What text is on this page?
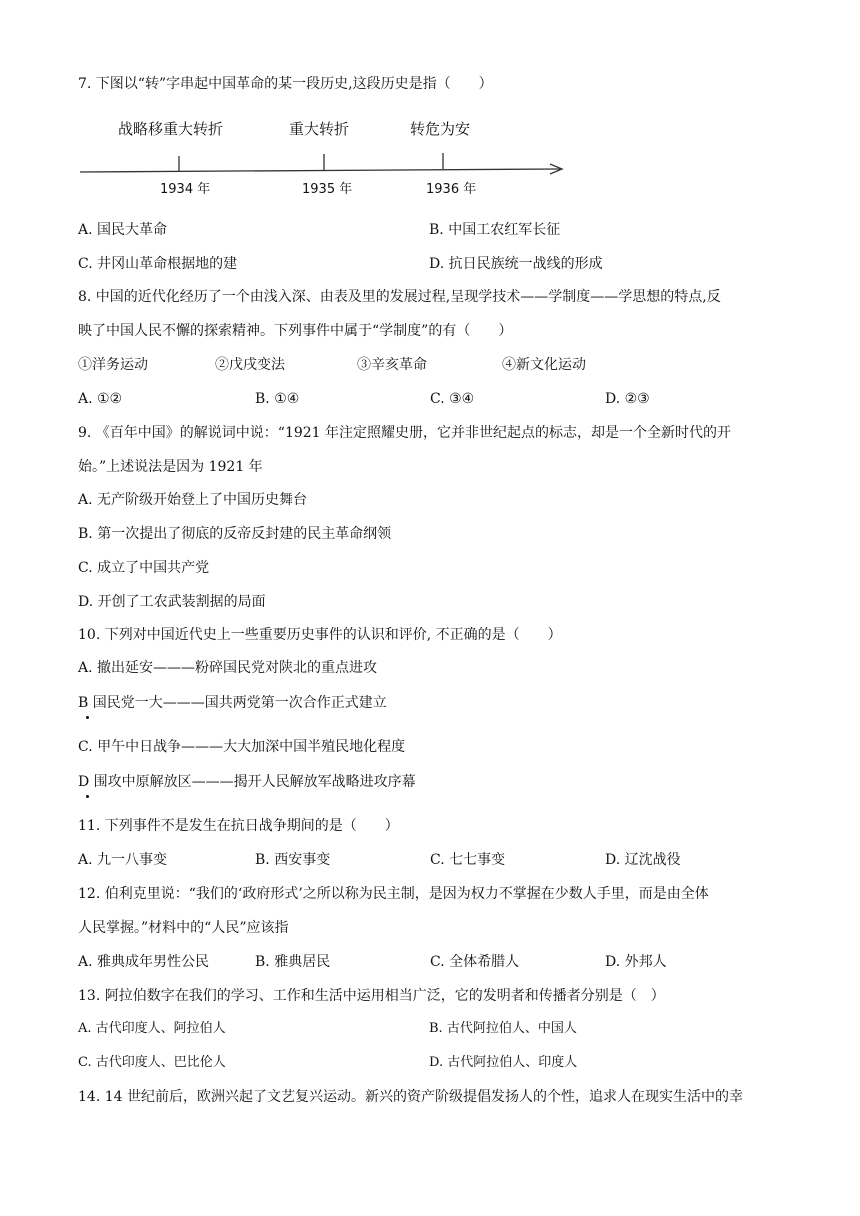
7. 下图以“转”字串起中国革命的某一段历史,这段历史是指（　　）
战略移重大转折	重大转折	转危为安
1934 年	1935 年	1936 年
A. 国民大革命	B. 中国工农红军长征
C. 井冈山革命根据地的建	D. 抗日民族统一战线的形成
8. 中国的近代化经历了一个由浅入深、由表及里的发展过程,呈现学技术——学制度——学思想的特点,反
映了中国人民不懈的探索精神。下列事件中属于“学制度”的有（　　）
①洋务运动	②戊戌变法	③辛亥革命	④新文化运动
A. ①②	B. ①④	C. ③④	D. ②③
9. 《百年中国》的解说词中说：“1921 年注定照耀史册，它并非世纪起点的标志，却是一个全新时代的开
始。”上述说法是因为 1921 年
A. 无产阶级开始登上了中国历史舞台
B. 第一次提出了彻底的反帝反封建的民主革命纲领
C. 成立了中国共产党
D. 开创了工农武装割据的局面
10. 下列对中国近代史上一些重要历史事件的认识和评价, 不正确的是（　　）
A. 撤出延安———粉碎国民党对陕北的重点进攻
B 国民党一大———国共两党第一次合作正式建立
C. 甲午中日战争———大大加深中国半殖民地化程度
D 围攻中原解放区———揭开人民解放军战略进攻序幕
11. 下列事件不是发生在抗日战争期间的是（　　）
A. 九一八事变	B. 西安事变	C. 七七事变	D. 辽沈战役
12. 伯利克里说：“我们的‘政府形式’之所以称为民主制，是因为权力不掌握在少数人手里，而是由全体
人民掌握。”材料中的“人民”应该指
A. 雅典成年男性公民	B. 雅典居民	C. 全体希腊人	D. 外邦人
13. 阿拉伯数字在我们的学习、工作和生活中运用相当广泛，它的发明者和传播者分别是（　）
A. 古代印度人、阿拉伯人	B. 古代阿拉伯人、中国人
C. 古代印度人、巴比伦人	D. 古代阿拉伯人、印度人
14. 14 世纪前后，欧洲兴起了文艺复兴运动。新兴的资产阶级提倡发扬人的个性，追求人在现实生活中的幸
